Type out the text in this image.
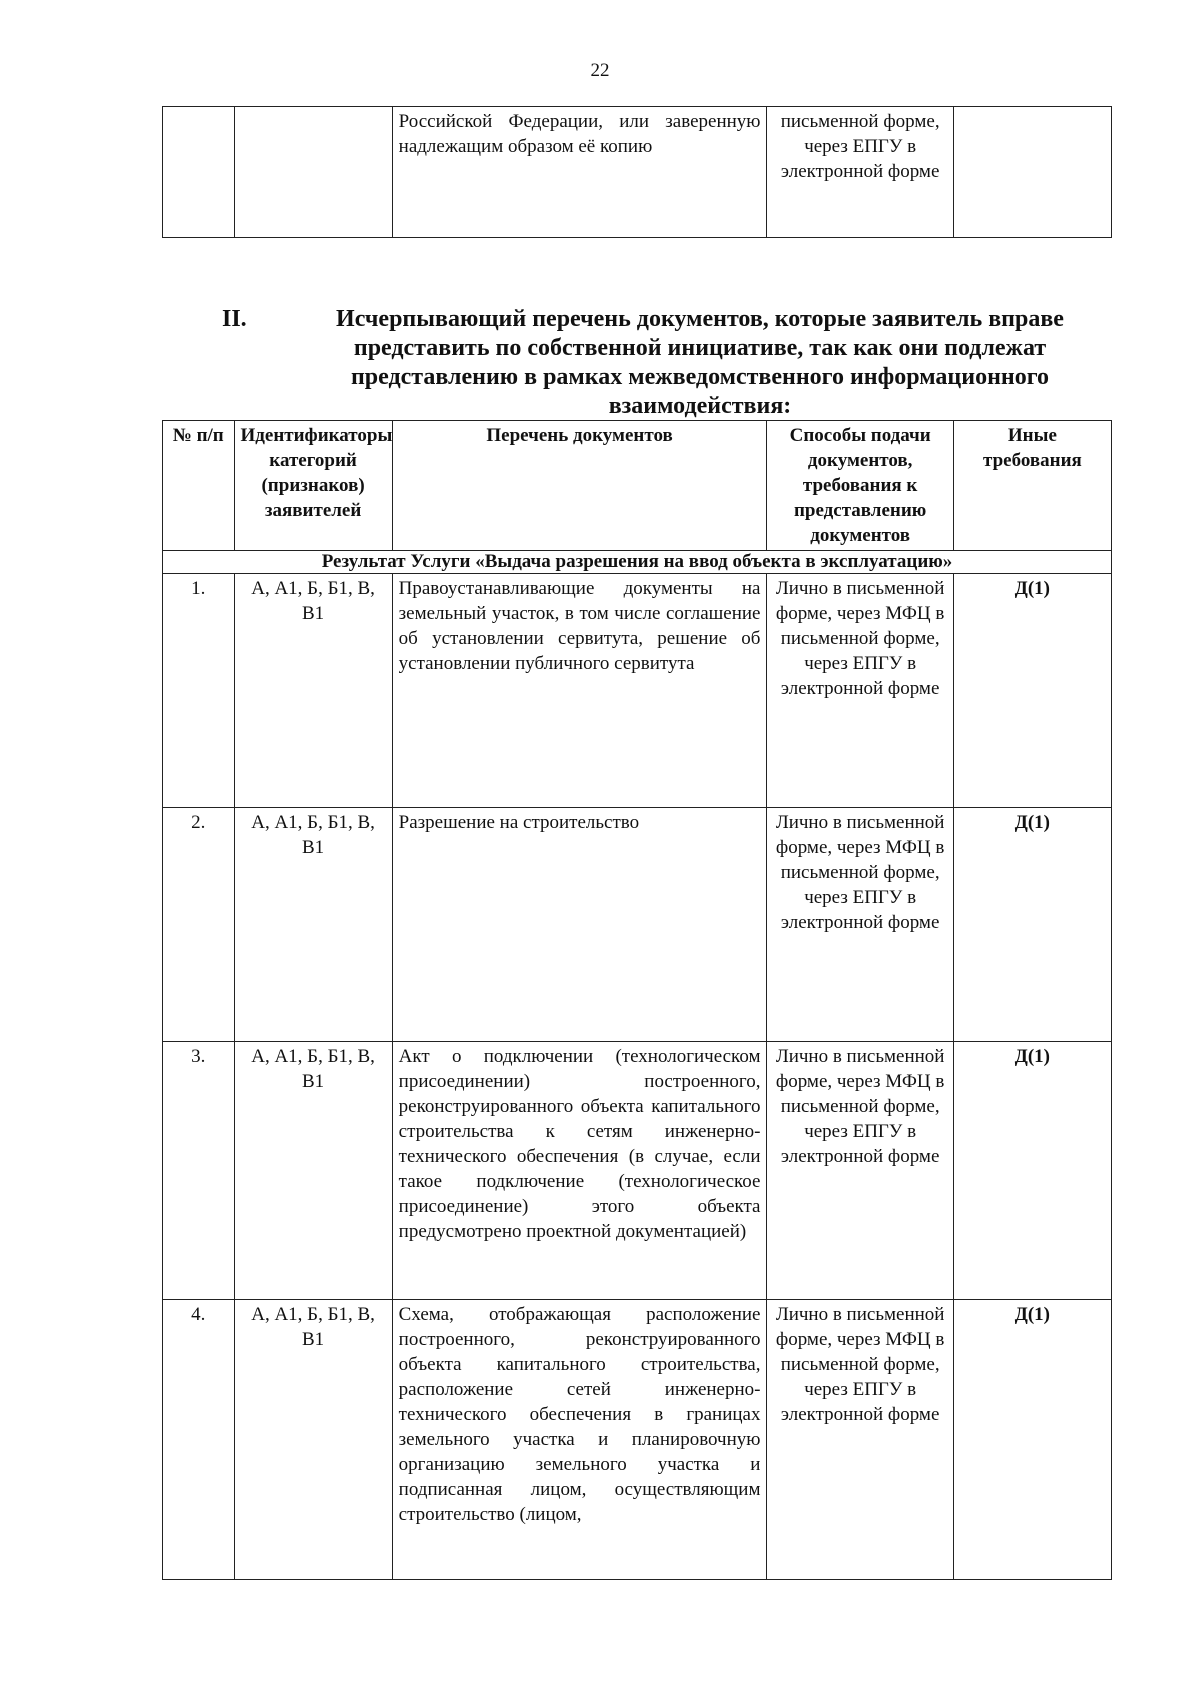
22
		Российской Федерации, или заверенную надлежащим образом её копию	письменной форме, через ЕПГУ в электронной форме	
II.	Исчерпывающий перечень документов, которые заявитель вправе представить по собственной инициативе, так как они подлежат представлению в рамках межведомственного информационного взаимодействия:
№ п/п	Идентификаторы категорий (признаков) заявителей	Перечень документов	Способы подачи документов, требования к представлению документов	Иные требования
Результат Услуги «Выдача разрешения на ввод объекта в эксплуатацию»				
1.	А, А1, Б, Б1, В, В1	Правоустанавливающие документы на земельный участок, в том числе соглашение об установлении сервитута, решение об установлении публичного сервитута	Лично в письменной форме, через МФЦ в письменной форме, через ЕПГУ в электронной форме	Д(1)
2.	А, А1, Б, Б1, В, В1	Разрешение на строительство	Лично в письменной форме, через МФЦ в письменной форме, через ЕПГУ в электронной форме	Д(1)
3.	А, А1, Б, Б1, В, В1	Акт о подключении (технологическом присоединении) построенного, реконструированного объекта капитального строительства к сетям инженерно-технического обеспечения (в случае, если такое подключение (технологическое присоединение) этого объекта предусмотрено проектной документацией)	Лично в письменной форме, через МФЦ в письменной форме, через ЕПГУ в электронной форме	Д(1)
4.	А, А1, Б, Б1, В, В1	Схема, отображающая расположение построенного, реконструированного объекта капитального строительства, расположение сетей инженерно-технического обеспечения в границах земельного участка и планировочную организацию земельного участка и подписанная лицом, осуществляющим строительство (лицом,	Лично в письменной форме, через МФЦ в письменной форме, через ЕПГУ в электронной форме	Д(1)
